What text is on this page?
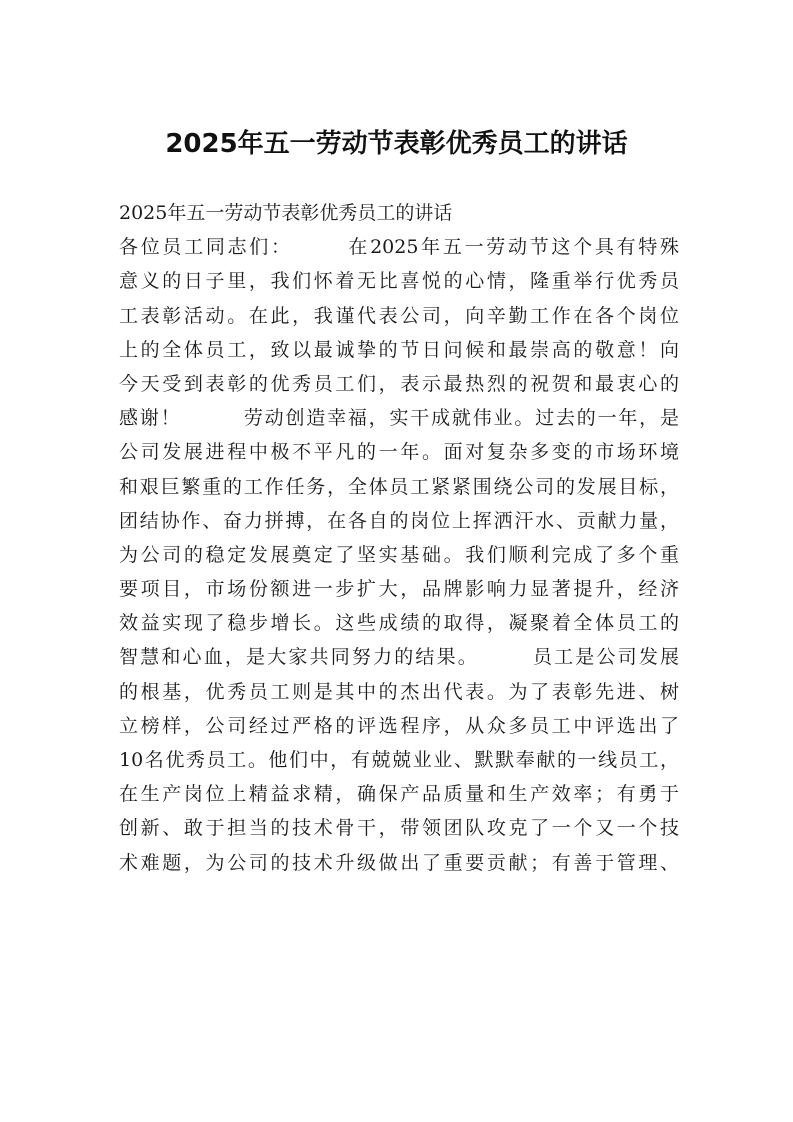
2025年五一劳动节表彰优秀员工的讲话

2025年五一劳动节表彰优秀员工的讲话

各位员工同志们：　　　在2025年五一劳动节这个具有特殊

意义的日子里，我们怀着无比喜悦的心情，隆重举行优秀员

工表彰活动。在此，我谨代表公司，向辛勤工作在各个岗位

上的全体员工，致以最诚挚的节日问候和最崇高的敬意！向

今天受到表彰的优秀员工们，表示最热烈的祝贺和最衷心的

感谢！　　　劳动创造幸福，实干成就伟业。过去的一年，是

公司发展进程中极不平凡的一年。面对复杂多变的市场环境

和艰巨繁重的工作任务，全体员工紧紧围绕公司的发展目标，

团结协作、奋力拼搏，在各自的岗位上挥洒汗水、贡献力量，

为公司的稳定发展奠定了坚实基础。我们顺利完成了多个重

要项目，市场份额进一步扩大，品牌影响力显著提升，经济

效益实现了稳步增长。这些成绩的取得，凝聚着全体员工的

智慧和心血，是大家共同努力的结果。　　　员工是公司发展

的根基，优秀员工则是其中的杰出代表。为了表彰先进、树

立榜样，公司经过严格的评选程序，从众多员工中评选出了

10名优秀员工。他们中，有兢兢业业、默默奉献的一线员工，

在生产岗位上精益求精，确保产品质量和生产效率；有勇于

创新、敢于担当的技术骨干，带领团队攻克了一个又一个技

术难题，为公司的技术升级做出了重要贡献；有善于管理、
